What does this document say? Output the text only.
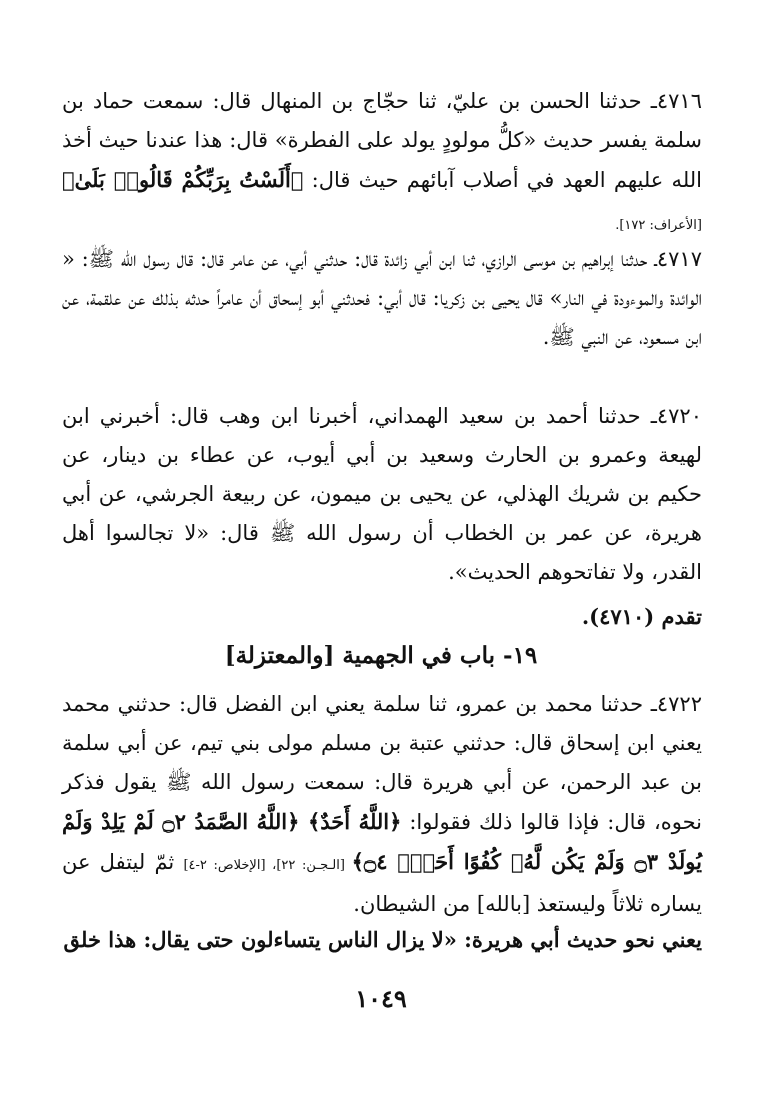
٤٧١٦ـ حدثنا الحسن بن عليّ، ثنا حجّاج بن المنهال قال: سمعت حماد بن سلمة يفسر حديث «كلُّ مولودٍ يولد على الفطرة» قال: هذا عندنا حيث أخذ الله عليهم العهد في أصلاب آبائهم حيث قال: ﴿أَلَسْتُ بِرَبِّكُمْ قَالُوا۟ بَلَىٰ﴾ [الأعراف: ١٧٢].

٤٧١٧ـ حدثنا إبراهيم بن موسى الرازي، ثنا ابن أبي زائدة قال: حدثني أبي، عن عامر قال: قال رسول الله ﷺ: « الوائدة والموءودة في النار» قال يحيى بن زكريا: قال أبي: فحدثني أبو إسحاق أن عامراً حدثه بذلك عن علقمة، عن ابن مسعود، عن النبي ﷺ.

٤٧٢٠ـ حدثنا أحمد بن سعيد الهمداني، أخبرنا ابن وهب قال: أخبرني ابن لهيعة وعمرو بن الحارث وسعيد بن أبي أيوب، عن عطاء بن دينار، عن حكيم بن شريك الهذلي، عن يحيى بن ميمون، عن ربيعة الجرشي، عن أبي هريرة، عن عمر بن الخطاب أن رسول الله ﷺ قال: «لا تجالسوا أهل القدر، ولا تفاتحوهم الحديث».

تقدم (٤٧١٠).

١٩- باب في الجهمية [والمعتزلة]

٤٧٢٢ـ حدثنا محمد بن عمرو، ثنا سلمة يعني ابن الفضل قال: حدثني محمد يعني ابن إسحاق قال: حدثني عتبة بن مسلم مولى بني تيم، عن أبي سلمة بن عبد الرحمن، عن أبي هريرة قال: سمعت رسول الله ﷺ يقول فذكر نحوه، قال: فإذا قالوا ذلك فقولوا: ﴿اللَّهُ أَحَدٌ﴾ ﴿اللَّهُ الصَّمَدُ ۝٢ لَمْ يَلِدْ وَلَمْ يُولَدْ ۝٣ وَلَمْ يَكُن لَّهُۥ كُفُوًا أَحَدٌۢ ۝٤﴾ [الـجـن: ٢٢]، [الإخلاص: ٢-٤] ثمّ ليتفل عن يساره ثلاثاً وليستعذ [بالله] من الشيطان.

يعني نحو حديث أبي هريرة: «لا يزال الناس يتساءلون حتى يقال: هذا خلق

١٠٤٩
